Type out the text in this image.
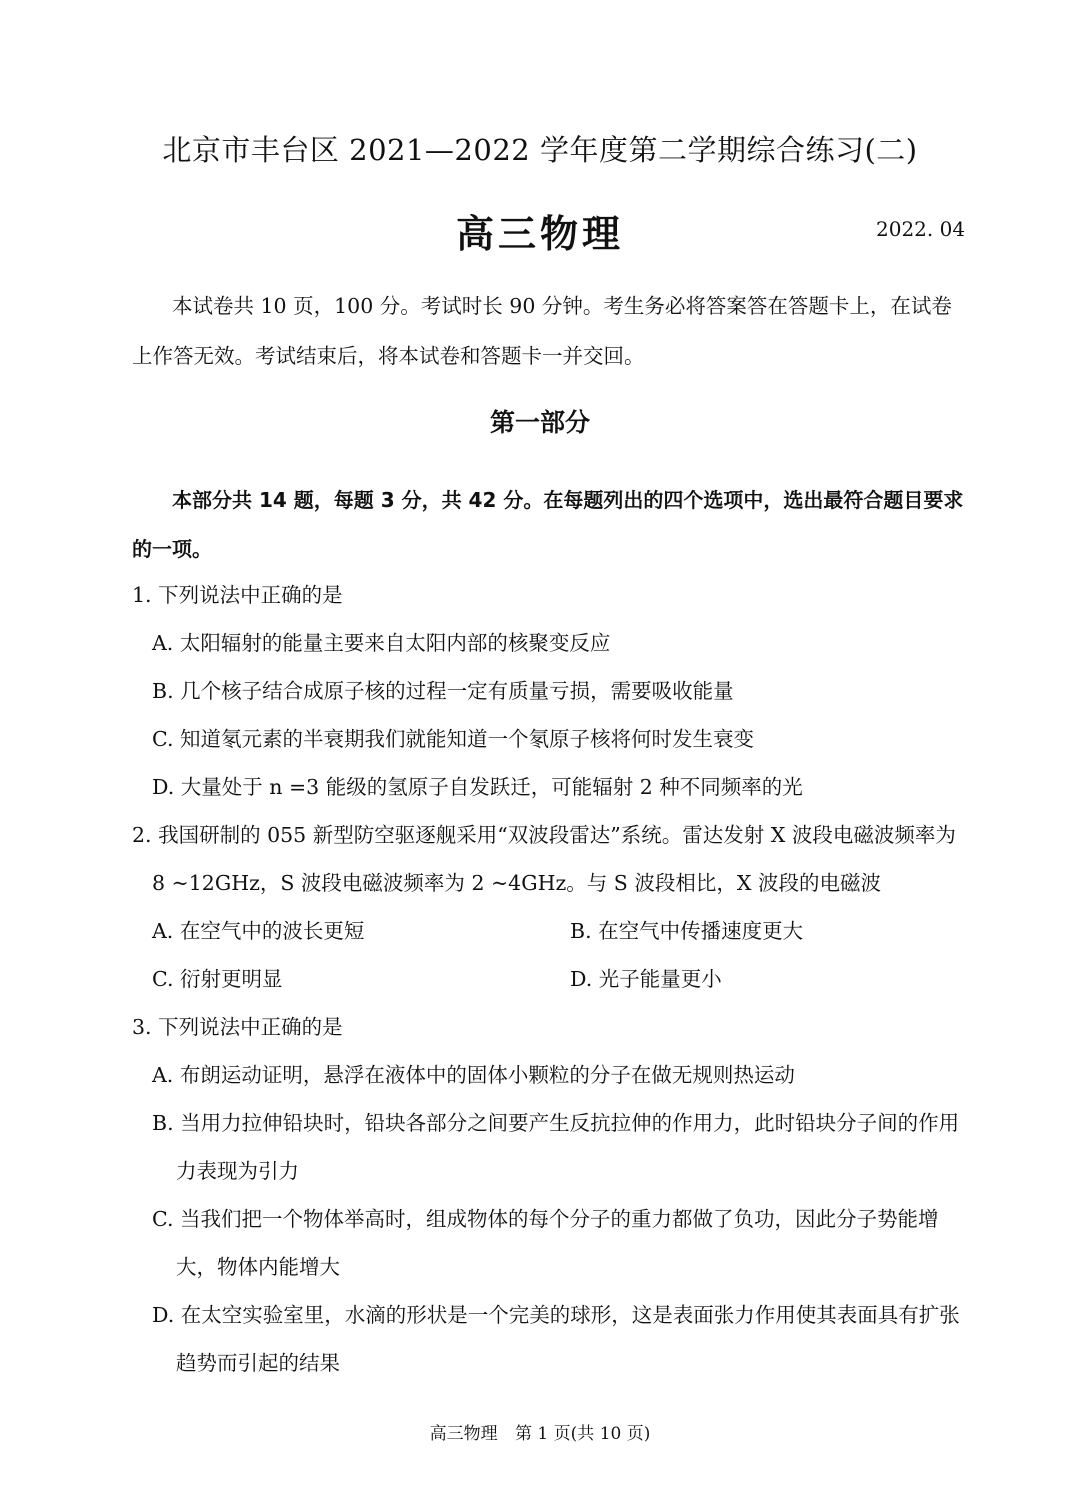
北京市丰台区 2021—2022 学年度第二学期综合练习(二)
高三物理	2022. 04
本试卷共 10 页，100 分。考试时长 90 分钟。考生务必将答案答在答题卡上，在试卷
上作答无效。考试结束后，将本试卷和答题卡一并交回。
第一部分
本部分共 14 题，每题 3 分，共 42 分。在每题列出的四个选项中，选出最符合题目要求
的一项。
1. 下列说法中正确的是
A. 太阳辐射的能量主要来自太阳内部的核聚变反应
B. 几个核子结合成原子核的过程一定有质量亏损，需要吸收能量
C. 知道氡元素的半衰期我们就能知道一个氡原子核将何时发生衰变
D. 大量处于 n =3 能级的氢原子自发跃迁，可能辐射 2 种不同频率的光
2. 我国研制的 055 新型防空驱逐舰采用“双波段雷达”系统。雷达发射 X 波段电磁波频率为
8 ~12GHz，S 波段电磁波频率为 2 ~4GHz。与 S 波段相比，X 波段的电磁波
A. 在空气中的波长更短	B. 在空气中传播速度更大
C. 衍射更明显	D. 光子能量更小
3. 下列说法中正确的是
A. 布朗运动证明，悬浮在液体中的固体小颗粒的分子在做无规则热运动
B. 当用力拉伸铅块时，铅块各部分之间要产生反抗拉伸的作用力，此时铅块分子间的作用
力表现为引力
C. 当我们把一个物体举高时，组成物体的每个分子的重力都做了负功，因此分子势能增
大，物体内能增大
D. 在太空实验室里，水滴的形状是一个完美的球形，这是表面张力作用使其表面具有扩张
趋势而引起的结果
高三物理 第 1 页(共 10 页)
